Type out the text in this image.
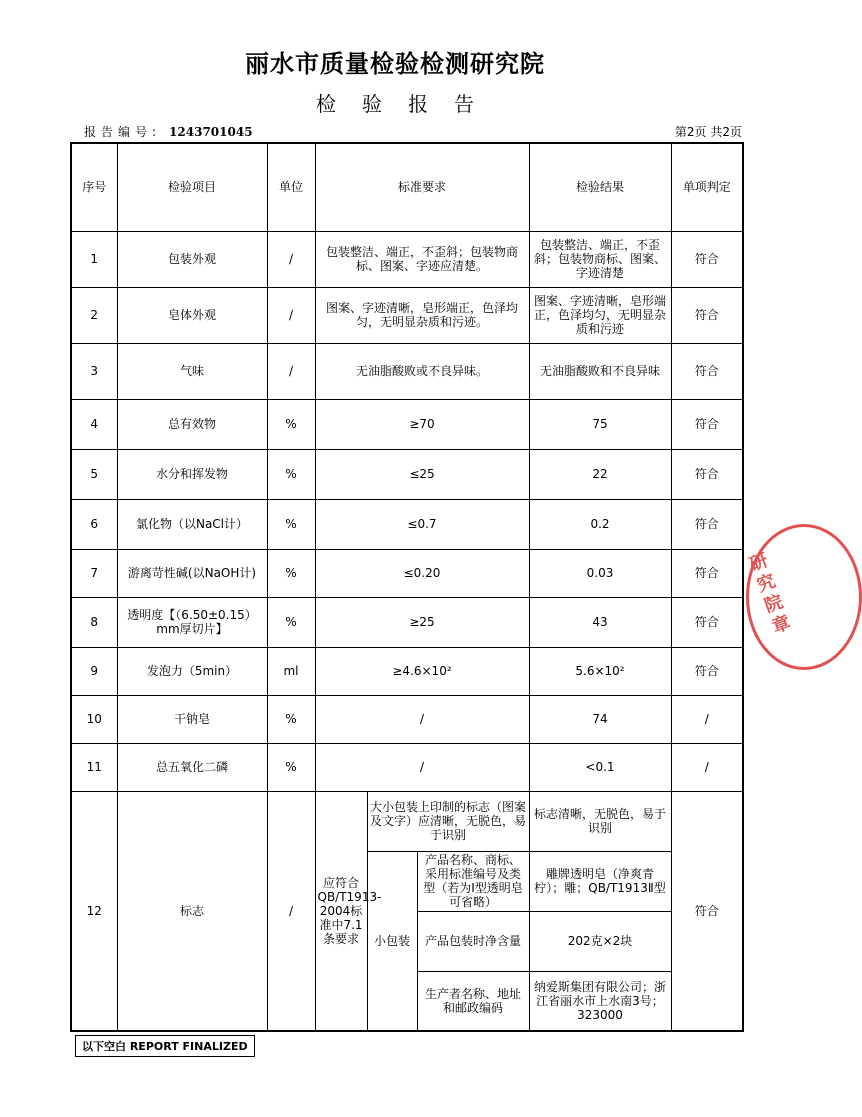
丽水市质量检验检测研究院
检验报告
报告编号: 1243701045	第2页 共2页
序号	检验项目	单位	标准要求			检验结果	单项判定
1	包装外观	/	包装整洁、端正，不歪斜；包装物商标、图案、字迹应清楚。			包装整洁、端正，不歪斜；包装物商标、图案、字迹清楚	符合
2	皂体外观	/	图案、字迹清晰，皂形端正，色泽均匀，无明显杂质和污迹。			图案、字迹清晰，皂形端正，色泽均匀，无明显杂质和污迹	符合
3	气味	/	无油脂酸败或不良异味。			无油脂酸败和不良异味	符合
4	总有效物	%	≥70			75	符合
5	水分和挥发物	%	≤25			22	符合
6	氯化物（以NaCl计）	%	≤0.7			0.2	符合
7	游离苛性碱(以NaOH计)	%	≤0.20			0.03	符合
8	透明度【（6.50±0.15）mm厚切片】	%	≥25			43	符合
9	发泡力（5min）	ml	≥4.6×10²			5.6×10²	符合
10	干钠皂	%	/			74	/
11	总五氧化二磷	%	/			<0.1	/
12	标志	/	应符合QB/T1913-2004标准中7.1条要求	大小包装上印制的标志（图案及文字）应清晰，无脱色，易于识别		标志清晰，无脱色，易于识别	符合
				小包装	产品名称、商标、采用标准编号及类型（若为Ⅰ型透明皂可省略）	雕牌透明皂（净爽青柠）；雕；QB/T1913Ⅱ型	
					产品包装时净含量	202克×2块	
					生产者名称、地址和邮政编码	纳爱斯集团有限公司；浙江省丽水市上水南3号；323000	
研究院章
以下空白 REPORT FINALIZED
